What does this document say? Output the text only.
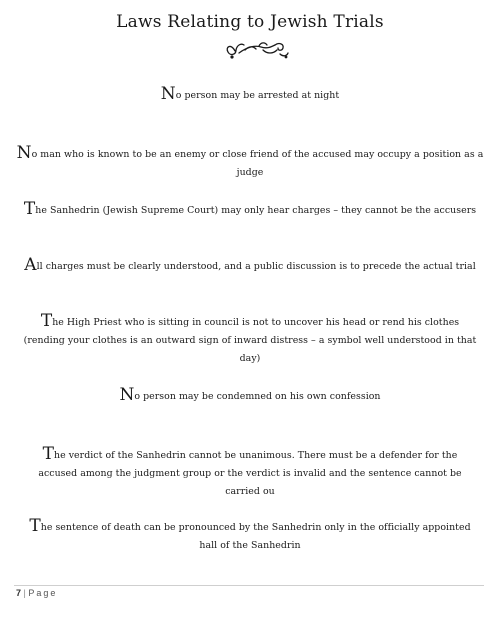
Laws Relating to Jewish Trials
No person may be arrested at night
No man who is known to be an enemy or close friend of the accused may occupy a position as a judge
The Sanhedrin (Jewish Supreme Court) may only hear charges – they cannot be the accusers
All charges must be clearly understood, and a public discussion is to precede the actual trial
The High Priest who is sitting in council is not to uncover his head or rend his clothes
(rending your clothes is an outward sign of inward distress – a symbol well understood in that day)
No person may be condemned on his own confession
The verdict of the Sanhedrin cannot be unanimous. There must be a defender for the accused among the judgment group or the verdict is invalid and the sentence cannot be carried ou
The sentence of death can be pronounced by the Sanhedrin only in the officially appointed hall of the Sanhedrin
7 | Page
